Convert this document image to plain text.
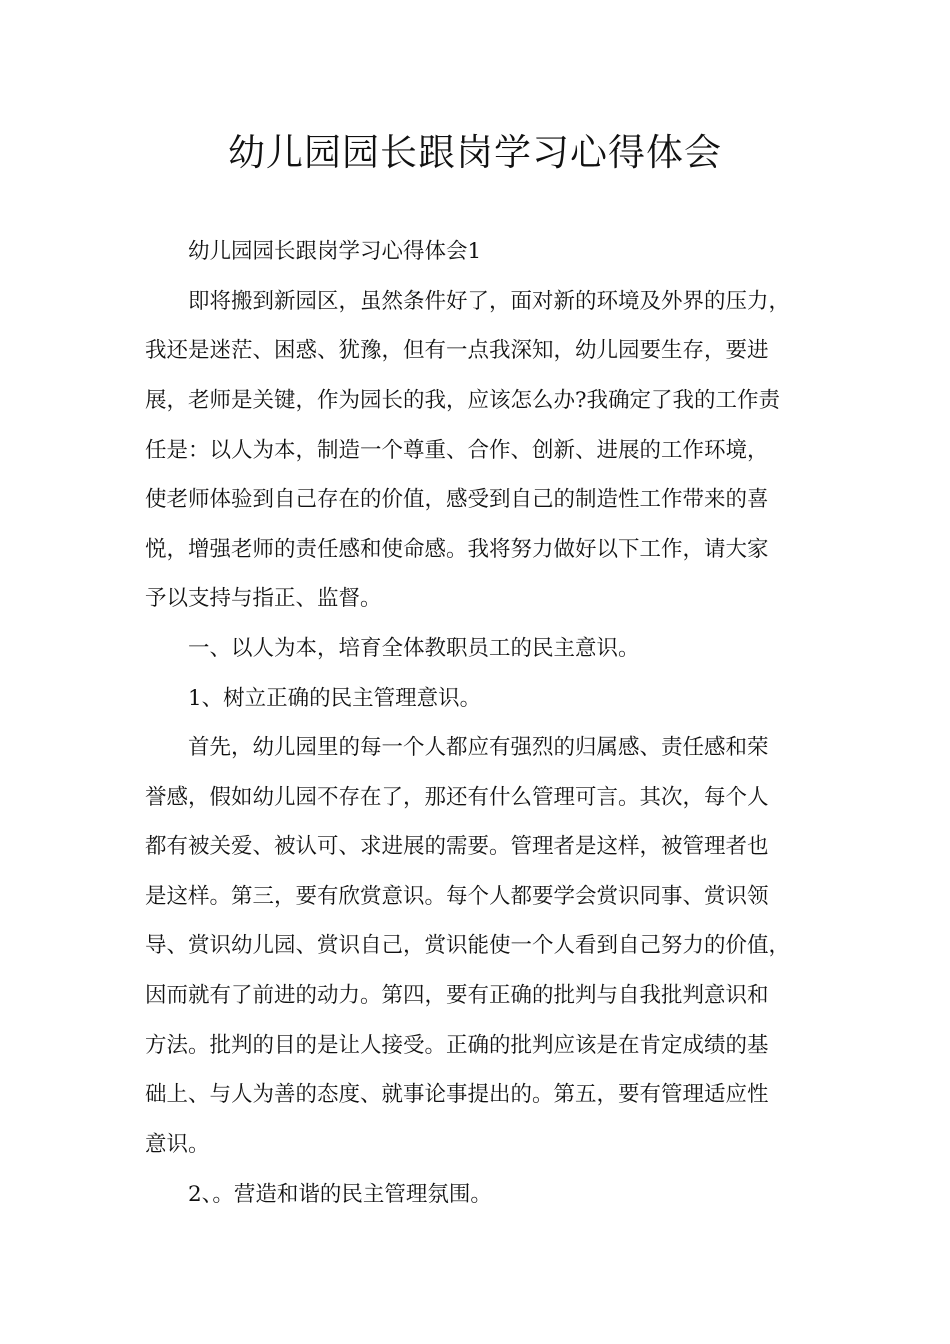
幼儿园园长跟岗学习心得体会

幼儿园园长跟岗学习心得体会1

即将搬到新园区，虽然条件好了，面对新的环境及外界的压力，

我还是迷茫、困惑、犹豫，但有一点我深知，幼儿园要生存，要进

展，老师是关键，作为园长的我，应该怎么办?我确定了我的工作责

任是：以人为本，制造一个尊重、合作、创新、进展的工作环境，

使老师体验到自己存在的价值，感受到自己的制造性工作带来的喜

悦，增强老师的责任感和使命感。我将努力做好以下工作，请大家

予以支持与指正、监督。

一、以人为本，培育全体教职员工的民主意识。

1、树立正确的民主管理意识。

首先，幼儿园里的每一个人都应有强烈的归属感、责任感和荣

誉感，假如幼儿园不存在了，那还有什么管理可言。其次，每个人

都有被关爱、被认可、求进展的需要。管理者是这样，被管理者也

是这样。第三，要有欣赏意识。每个人都要学会赏识同事、赏识领

导、赏识幼儿园、赏识自己，赏识能使一个人看到自己努力的价值，

因而就有了前进的动力。第四，要有正确的批判与自我批判意识和

方法。批判的目的是让人接受。正确的批判应该是在肯定成绩的基

础上、与人为善的态度、就事论事提出的。第五，要有管理适应性

意识。

2、。营造和谐的民主管理氛围。
